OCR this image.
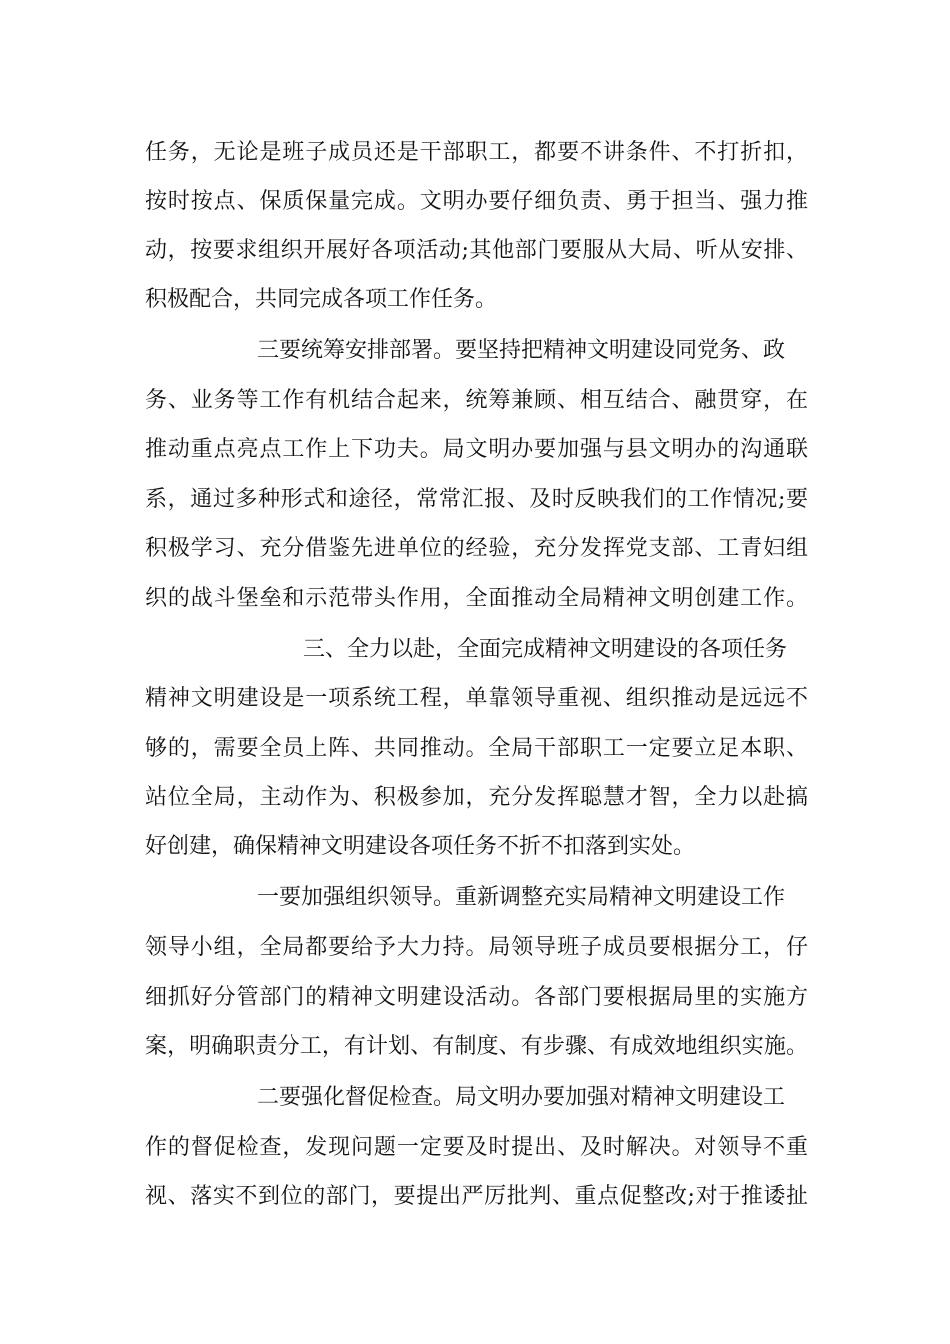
任务，无论是班子成员还是干部职工，都要不讲条件、不打折扣，
按时按点、保质保量完成。文明办要仔细负责、勇于担当、强力推
动，按要求组织开展好各项活动;其他部门要服从大局、听从安排、
积极配合，共同完成各项工作任务。
三要统筹安排部署。要坚持把精神文明建设同党务、政
务、业务等工作有机结合起来，统筹兼顾、相互结合、融贯穿，在
推动重点亮点工作上下功夫。局文明办要加强与县文明办的沟通联
系，通过多种形式和途径，常常汇报、及时反映我们的工作情况;要
积极学习、充分借鉴先进单位的经验，充分发挥党支部、工青妇组
织的战斗堡垒和示范带头作用，全面推动全局精神文明创建工作。
三、全力以赴，全面完成精神文明建设的各项任务
精神文明建设是一项系统工程，单靠领导重视、组织推动是远远不
够的，需要全员上阵、共同推动。全局干部职工一定要立足本职、
站位全局，主动作为、积极参加，充分发挥聪慧才智，全力以赴搞
好创建，确保精神文明建设各项任务不折不扣落到实处。
一要加强组织领导。重新调整充实局精神文明建设工作
领导小组，全局都要给予大力持。局领导班子成员要根据分工，仔
细抓好分管部门的精神文明建设活动。各部门要根据局里的实施方
案，明确职责分工，有计划、有制度、有步骤、有成效地组织实施。
二要强化督促检查。局文明办要加强对精神文明建设工
作的督促检查，发现问题一定要及时提出、及时解决。对领导不重
视、落实不到位的部门，要提出严厉批判、重点促整改;对于推诿扯
